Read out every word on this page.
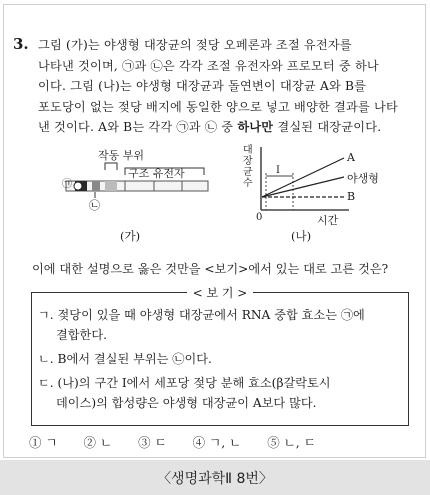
3. 그림 (가)는 야생형 대장균의 젖당 오페론과 조절 유전자를
나타낸 것이며, ㉠과 ㉡은 각각 조절 유전자와 프로모터 중 하나
이다. 그림 (나)는 야생형 대장균과 돌연변이 대장균 A와 B를
포도당이 없는 젖당 배지에 동일한 양으로 넣고 배양한 결과를 나타
낸 것이다. A와 B는 각각 ㉠과 ㉡ 중 하나만 결실된 대장균이다.
작동 부위
구조 유전자
㉠
㉡
(가)
대장균수
I
A
야생형
B
0	시간
(나)
이에 대한 설명으로 옳은 것만을 <보기>에서 있는 대로 고른 것은?
< 보 기 >
ㄱ. 젖당이 있을 때 야생형 대장균에서 RNA 중합 효소는 ㉠에
결합한다.
ㄴ. B에서 결실된 부위는 ㉡이다.
ㄷ. (나)의 구간 Ⅰ에서 세포당 젖당 분해 효소(β갈락토시
데이스)의 합성량은 야생형 대장균이 A보다 많다.
① ㄱ ② ㄴ ③ ㄷ ④ ㄱ, ㄴ ⑤ ㄴ, ㄷ
〈생명과학Ⅱ 8번〉
